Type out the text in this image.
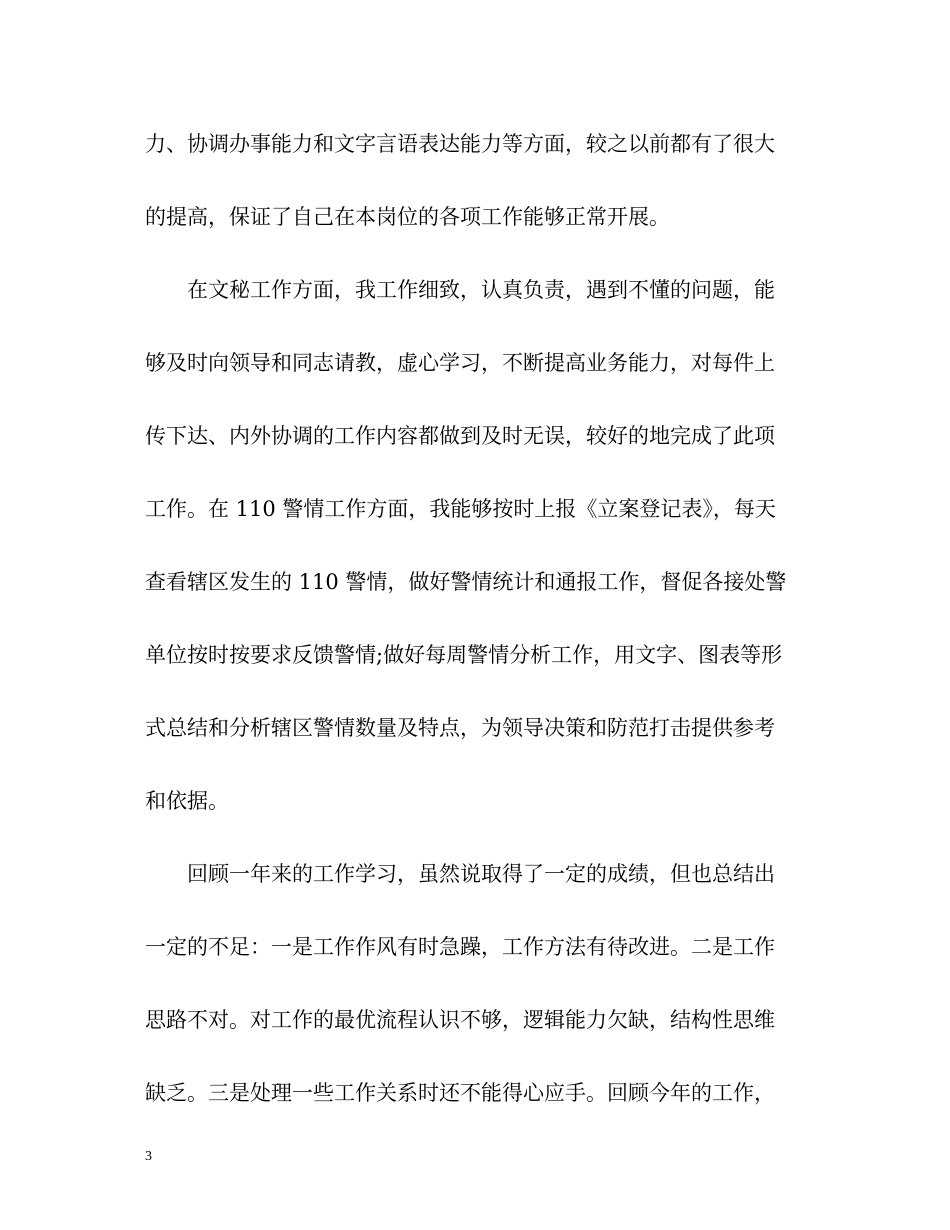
力、协调办事能力和文字言语表达能力等方面，较之以前都有了很大
的提高，保证了自己在本岗位的各项工作能够正常开展。
　　在文秘工作方面，我工作细致，认真负责，遇到不懂的问题，能
够及时向领导和同志请教，虚心学习，不断提高业务能力，对每件上
传下达、内外协调的工作内容都做到及时无误，较好的地完成了此项
工作。在 110 警情工作方面，我能够按时上报《立案登记表》，每天
查看辖区发生的 110 警情，做好警情统计和通报工作，督促各接处警
单位按时按要求反馈警情;做好每周警情分析工作，用文字、图表等形
式总结和分析辖区警情数量及特点，为领导决策和防范打击提供参考
和依据。
　　回顾一年来的工作学习，虽然说取得了一定的成绩，但也总结出
一定的不足：一是工作作风有时急躁，工作方法有待改进。二是工作
思路不对。对工作的最优流程认识不够，逻辑能力欠缺，结构性思维
缺乏。三是处理一些工作关系时还不能得心应手。回顾今年的工作，
3
